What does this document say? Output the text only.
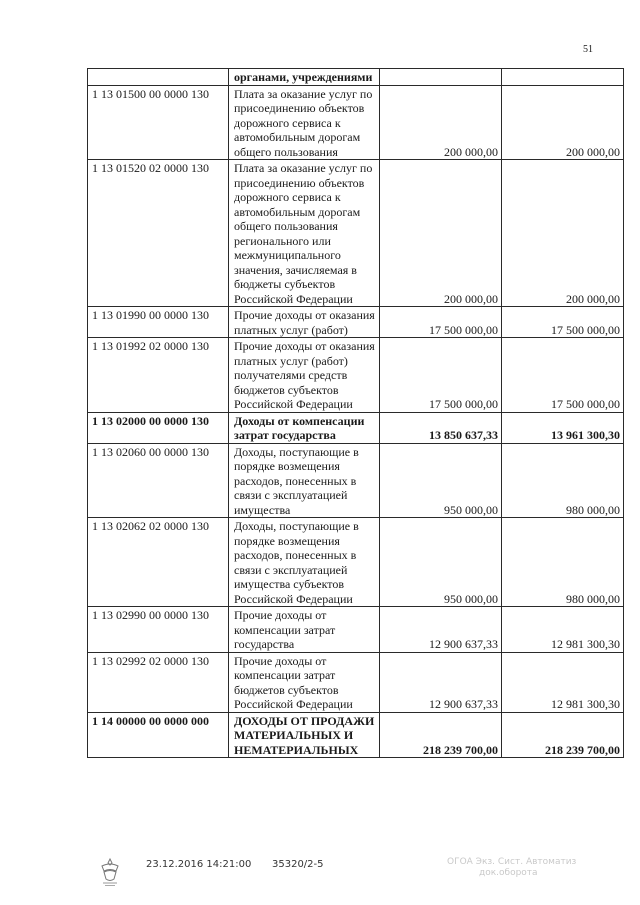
51
	органами, учреждениями		
1 13 01500 00 0000 130	Плата за оказание услуг по присоединению объектов дорожного сервиса к автомобильным дорогам общего пользования	200 000,00	200 000,00
1 13 01520 02 0000 130	Плата за оказание услуг по присоединению объектов дорожного сервиса к автомобильным дорогам общего пользования регионального или межмуниципального значения, зачисляемая в бюджеты субъектов Российской Федерации	200 000,00	200 000,00
1 13 01990 00 0000 130	Прочие доходы от оказания платных услуг (работ)	17 500 000,00	17 500 000,00
1 13 01992 02 0000 130	Прочие доходы от оказания платных услуг (работ) получателями средств бюджетов субъектов Российской Федерации	17 500 000,00	17 500 000,00
1 13 02000 00 0000 130	Доходы от компенсации затрат государства	13 850 637,33	13 961 300,30
1 13 02060 00 0000 130	Доходы, поступающие в порядке возмещения расходов, понесенных в связи с эксплуатацией имущества	950 000,00	980 000,00
1 13 02062 02 0000 130	Доходы, поступающие в порядке возмещения расходов, понесенных в связи с эксплуатацией имущества субъектов Российской Федерации	950 000,00	980 000,00
1 13 02990 00 0000 130	Прочие доходы от компенсации затрат государства	12 900 637,33	12 981 300,30
1 13 02992 02 0000 130	Прочие доходы от компенсации затрат бюджетов субъектов Российской Федерации	12 900 637,33	12 981 300,30
1 14 00000 00 0000 000	ДОХОДЫ ОТ ПРОДАЖИ МАТЕРИАЛЬНЫХ И НЕМАТЕРИАЛЬНЫХ	218 239 700,00	218 239 700,00
23.12.2016 14:21:00 35320/2-5	ОГОА Экз. Сист. Автоматиз
док.оборота
